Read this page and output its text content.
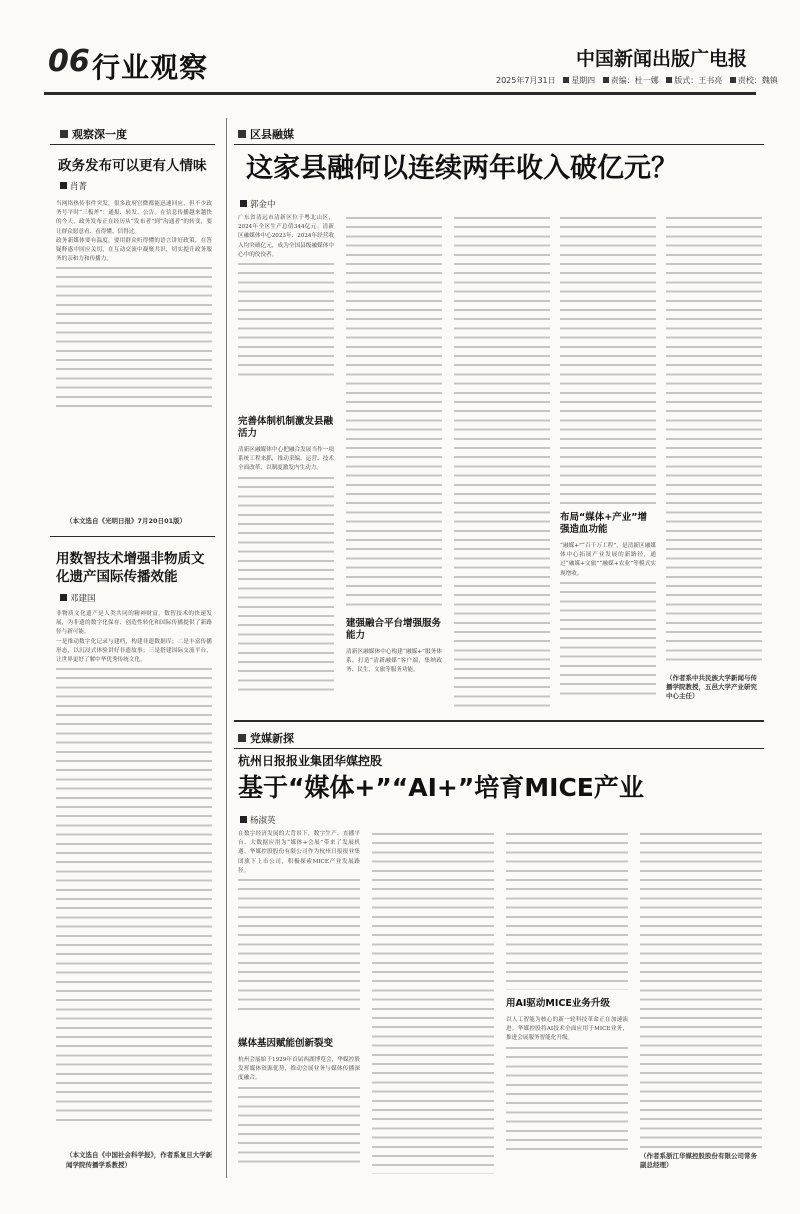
06 行业观察	中国新闻出版广电报
2025年7月31日 星期四 责编：杜一娜 版式：王书亮 责校：魏镇
观察深一度
政务发布可以更有人情味
肖菁
当网络热传事件突发，很多政府官微都能迅速回应，但不少政务号平时“三板斧”：通报、转发、公告。在信息传播越来越快的今天，政务发布正在经历从“发布者”到“沟通者”的转变，要让群众愿意看、看得懂、信得过。
政务新媒体要有温度，要用群众听得懂的语言讲好政策，在答疑释惑中回应关切，在互动交流中凝聚共识，切实提升政务服务的亲和力和传播力。
（本文选自《光明日报》7月20日01版）
用数智技术增强非物质文化遗产国际传播效能
邓建国
非物质文化遗产是人类共同的精神财富。数智技术的快速发展，为非遗的数字化保存、创造性转化和国际传播提供了新路径与新可能。
一是推动数字化记录与建档，构建非遗数据库；二是丰富传播形态，以沉浸式体验讲好非遗故事；三是搭建国际交流平台，让世界更好了解中华优秀传统文化。
（本文选自《中国社会科学报》，作者系复旦大学新闻学院传播学系教授）
区县融媒
这家县融何以连续两年收入破亿元？
郭金中
广东省清远市清新区位于粤北山区，2024年全区生产总值344亿元。清新区融媒体中心2023年、2024年经营收入均突破亿元，成为全国县级融媒体中心中的佼佼者。
完善体制机制激发县融活力
清新区融媒体中心把融合发展当作一项系统工程来抓，推动采编、运营、技术全面改革，以制度激发内生动力。
建强融合平台增强服务能力
清新区融媒体中心构建“融媒+”服务体系，打造“清新融媒”客户端，集纳政务、民生、文旅等服务功能。
布局“媒体+产业”增强造血功能
“融媒+”“百千万工程”，是清新区融媒体中心拓展产业发展的新路径，通过“融媒+文旅”“融媒+农业”等模式实现增收。
（作者系中共民族大学新闻与传播学院教授，五邑大学产业研究中心主任）
党媒新探
杭州日报报业集团华媒控股
基于“媒体+”“AI+”培育MICE产业
杨淑英
在数字经济发展的大背景下，数字生产、直播平台、大数据应用为“媒体+会展”带来了发展机遇。华媒控股股份有限公司作为杭州日报报业集团旗下上市公司，积极探索MICE产业发展路径。
媒体基因赋能创新裂变
杭州会展始于1929年首届西湖博览会，华媒控股发挥媒体资源优势，推动会展业务与媒体传播深度融合。
用AI驱动MICE业务升级
以人工智能为核心的新一轮科技革命正在加速演进。华媒控股将AI技术全面应用于MICE业务，推进会展服务智能化升级。
（作者系浙江华媒控股股份有限公司常务副总经理）
